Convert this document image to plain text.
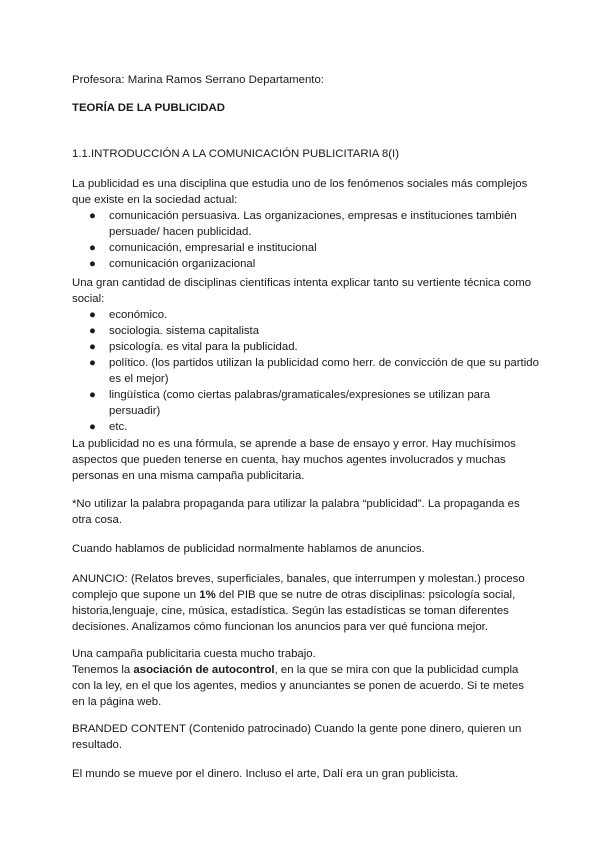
Profesora: Marina Ramos Serrano Departamento:
TEORÍA DE LA PUBLICIDAD
1.1.INTRODUCCIÓN A LA COMUNICACIÓN PUBLICITARIA 8(I)
La publicidad es una disciplina que estudia uno de los fenómenos sociales más complejos
que existe en la sociedad actual:
● comunicación persuasiva. Las organizaciones, empresas e instituciones también
persuade/ hacen publicidad.
● comunicación, empresarial e institucional
● comunicación organizacional
Una gran cantidad de disciplinas científicas intenta explicar tanto su vertiente técnica como
social:
● económico.
● sociologia. sistema capitalista
● psicología. es vital para la publicidad.
● político. (los partidos utilizan la publicidad como herr. de convicción de que su partido
es el mejor)
● lingüística (como ciertas palabras/gramaticales/expresiones se utilizan para
persuadir)
● etc.
La publicidad no es una fórmula, se aprende a base de ensayo y error. Hay muchísimos
aspectos que pueden tenerse en cuenta, hay muchos agentes involucrados y muchas
personas en una misma campaña publicitaria.
*No utilizar la palabra propaganda para utilizar la palabra “publicidad”. La propaganda es
otra cosa.
Cuando hablamos de publicidad normalmente hablamos de anuncios.
ANUNCIO: (Relatos breves, superficiales, banales, que interrumpen y molestan.) proceso
complejo que supone un 1% del PIB que se nutre de otras disciplinas: psicología social,
historia,lenguaje, cine, música, estadística. Según las estadísticas se toman diferentes
decisiones. Analizamos cómo funcionan los anuncios para ver qué funciona mejor.
Una campaña publicitaria cuesta mucho trabajo.
Tenemos la asociación de autocontrol, en la que se mira con que la publicidad cumpla
con la ley, en el que los agentes, medios y anunciantes se ponen de acuerdo. Si te metes
en la página web.
BRANDED CONTENT (Contenido patrocinado) Cuando la gente pone dinero, quieren un
resultado.
El mundo se mueve por el dinero. Incluso el arte, Dalí era un gran publicista.
